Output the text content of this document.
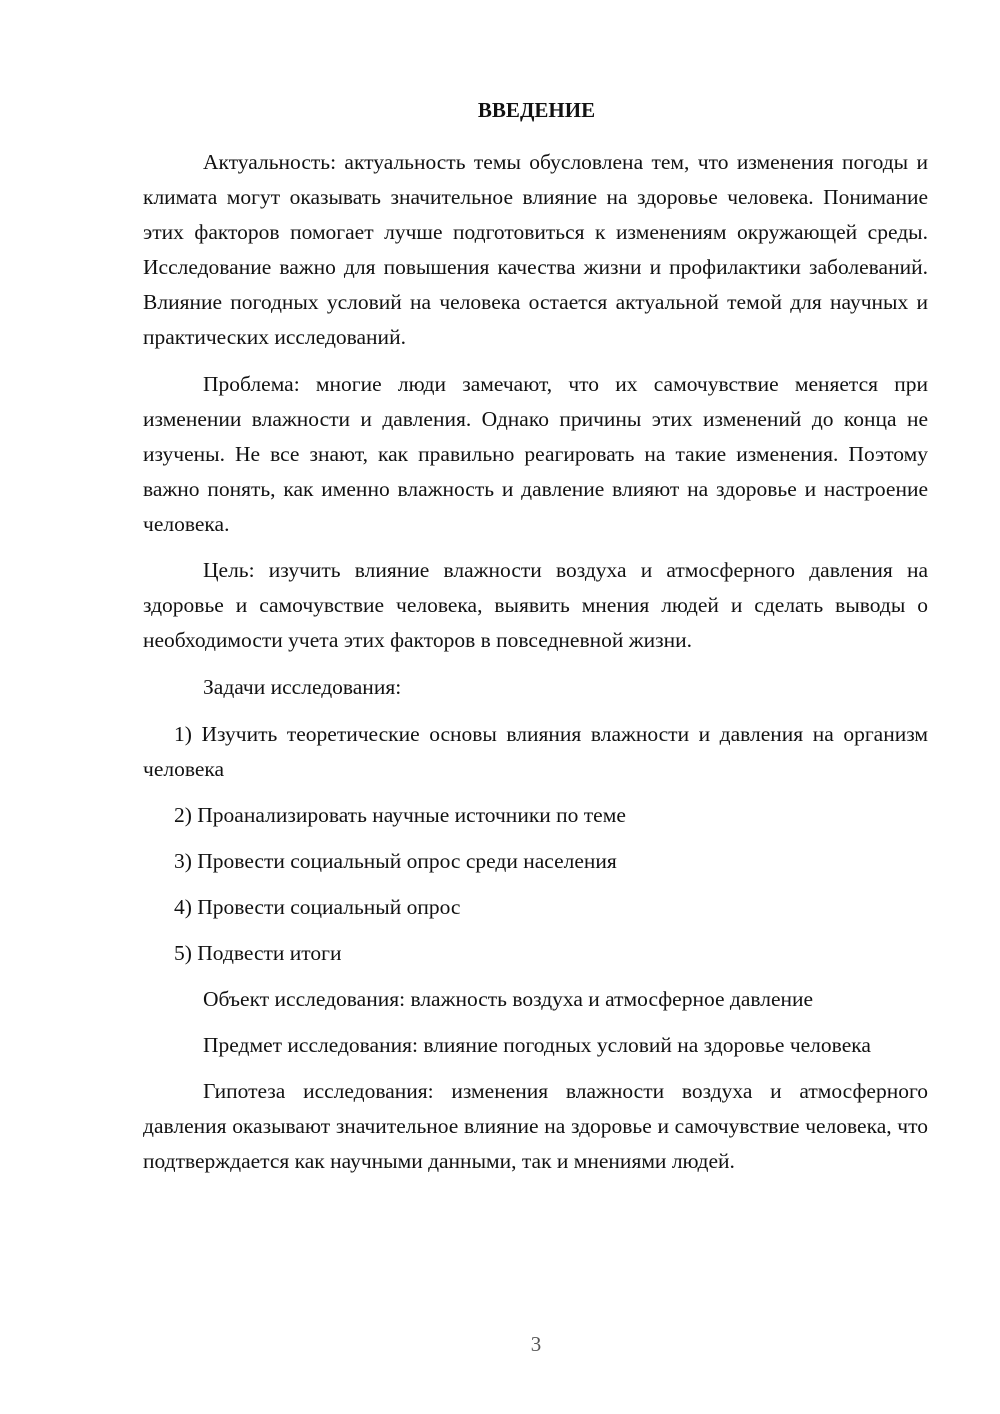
ВВЕДЕНИЕ

Актуальность: актуальность темы обусловлена тем, что изменения погоды и климата могут оказывать значительное влияние на здоровье человека. Понимание этих факторов помогает лучше подготовиться к изменениям окружающей среды. Исследование важно для повышения качества жизни и профилактики заболеваний. Влияние погодных условий на человека остается актуальной темой для научных и практических исследований.

Проблема: многие люди замечают, что их самочувствие меняется при изменении влажности и давления. Однако причины этих изменений до конца не изучены. Не все знают, как правильно реагировать на такие изменения. Поэтому важно понять, как именно влажность и давление влияют на здоровье и настроение человека.

Цель: изучить влияние влажности воздуха и атмосферного давления на здоровье и самочувствие человека, выявить мнения людей и сделать выводы о необходимости учета этих факторов в повседневной жизни.

Задачи исследования:

1) Изучить теоретические основы влияния влажности и давления на организм человека

2) Проанализировать научные источники по теме

3) Провести социальный опрос среди населения

4) Провести социальный опрос

5) Подвести итоги

Объект исследования: влажность воздуха и атмосферное давление

Предмет исследования: влияние погодных условий на здоровье человека

Гипотеза исследования: изменения влажности воздуха и атмосферного давления оказывают значительное влияние на здоровье и самочувствие человека, что подтверждается как научными данными, так и мнениями людей.

3
